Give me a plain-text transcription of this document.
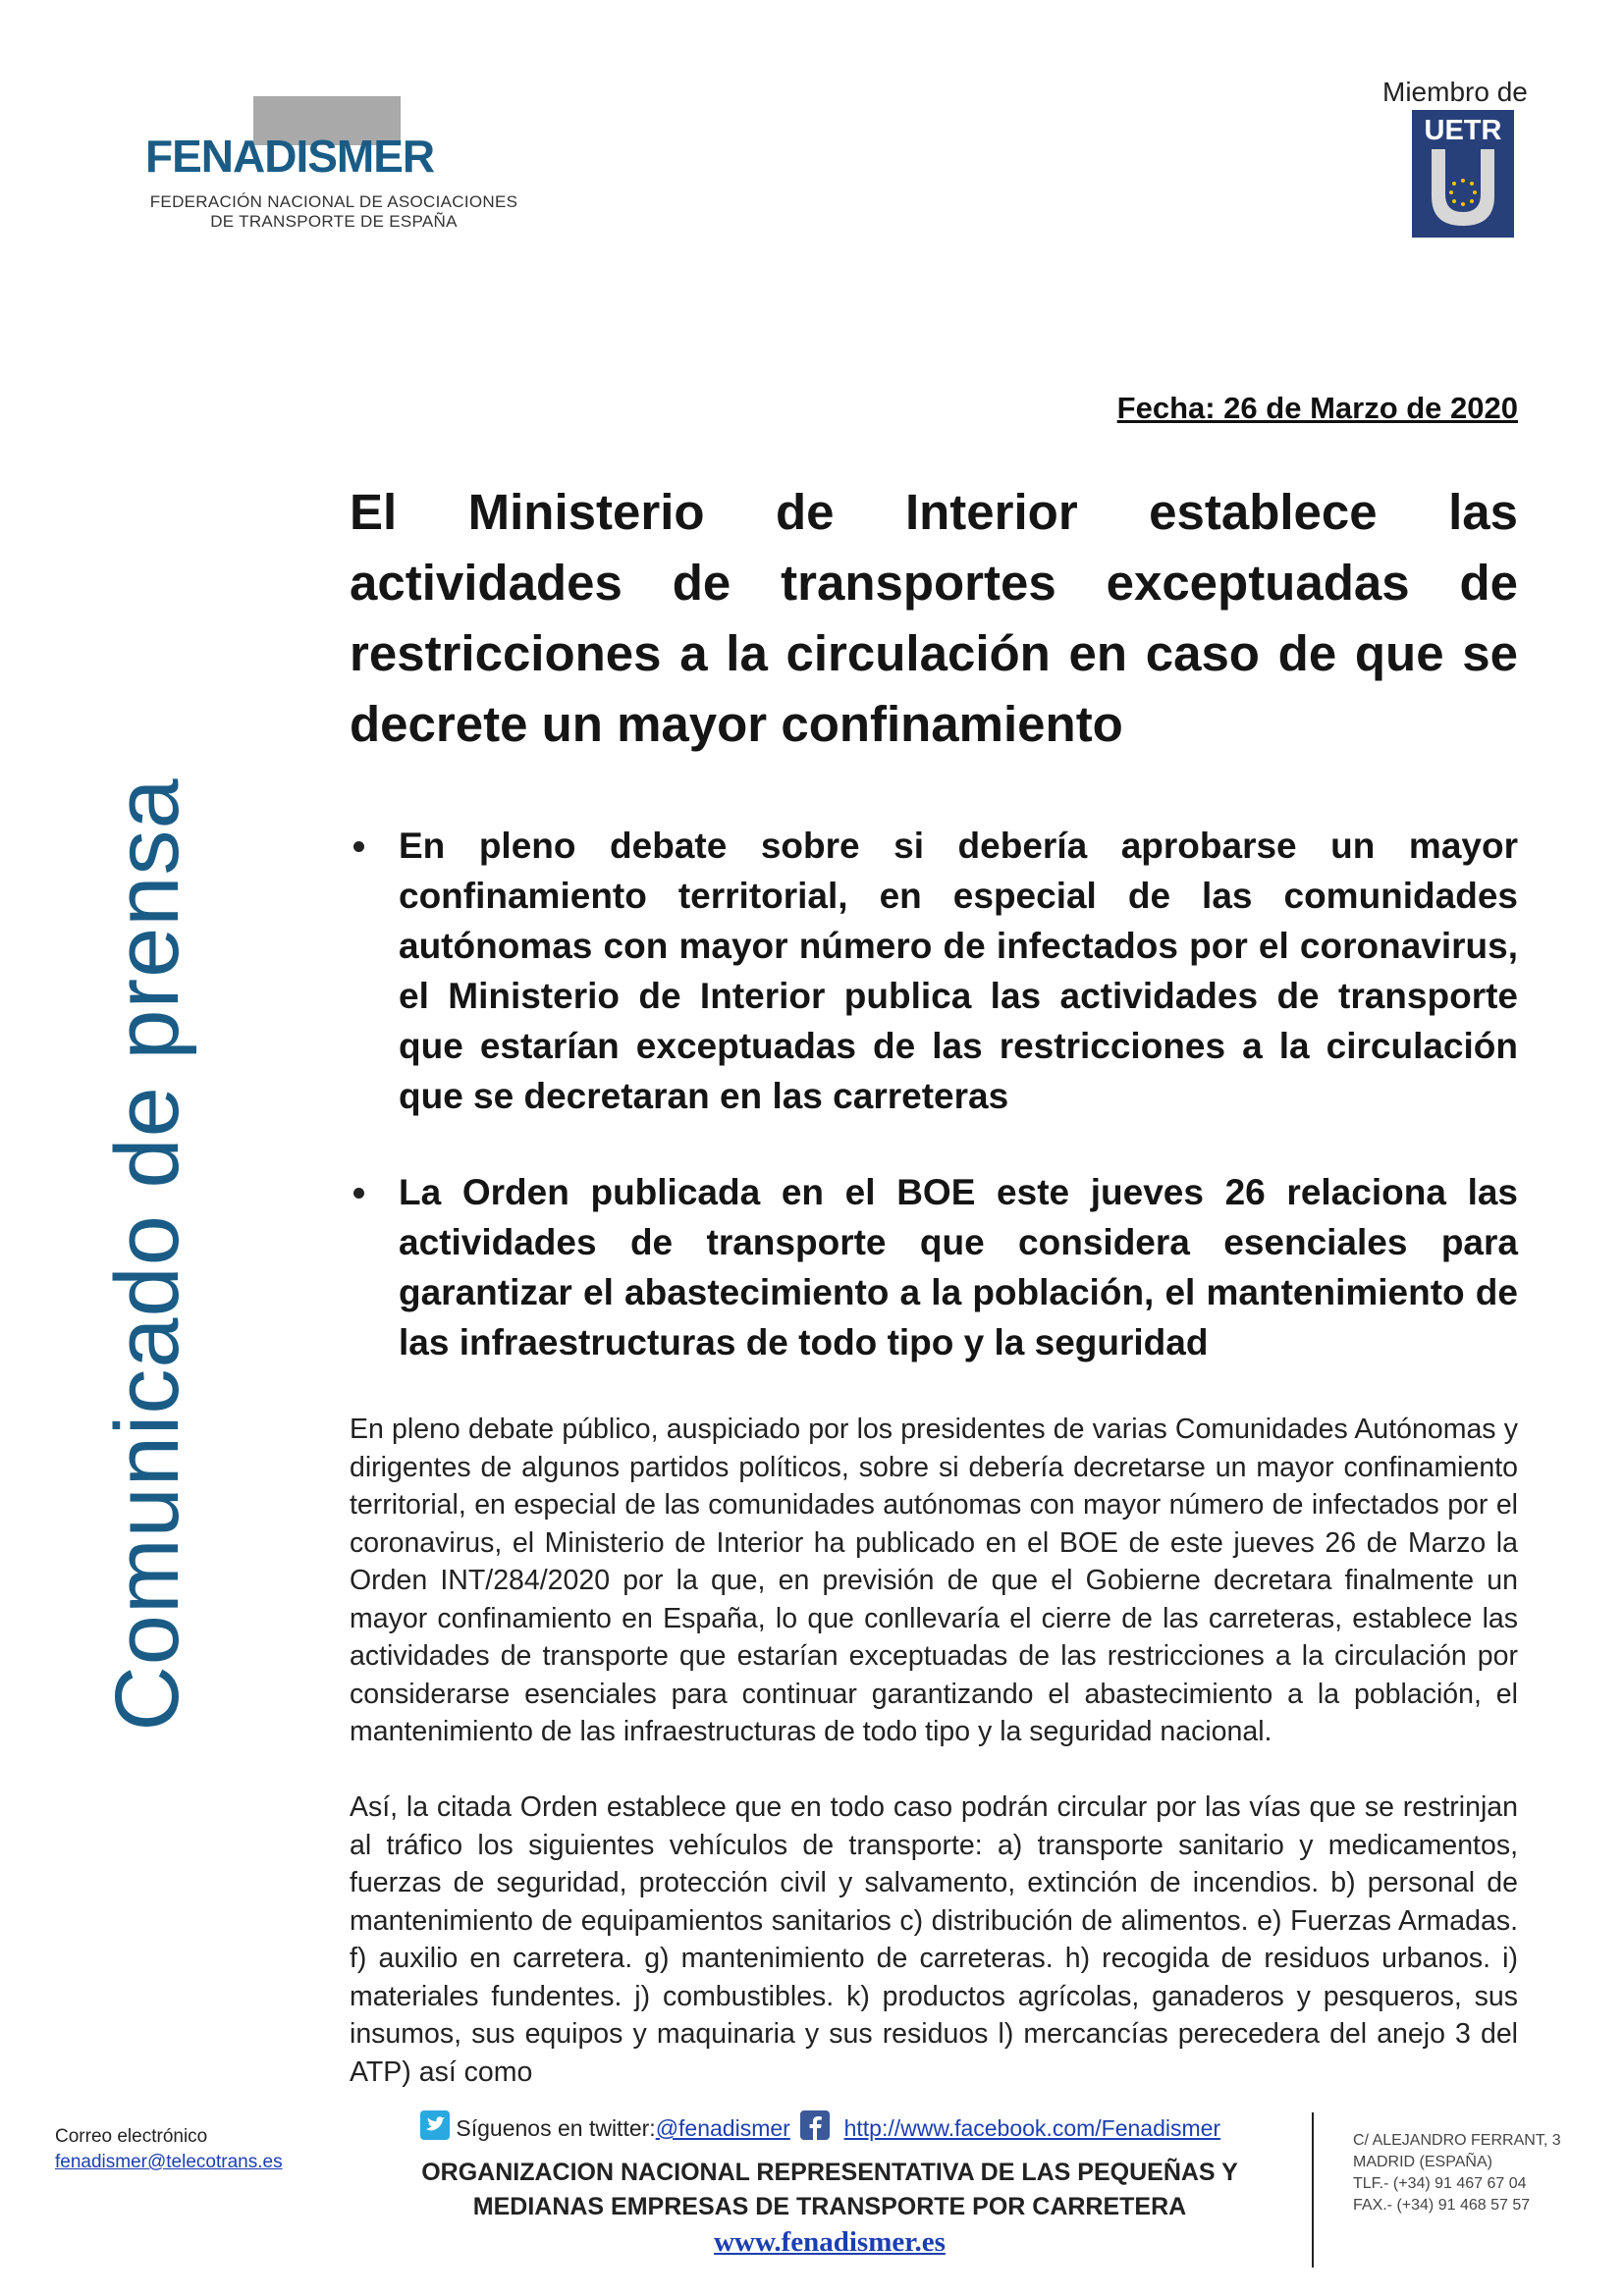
FENADISMER
FEDERACIÓN NACIONAL DE ASOCIACIONES
DE TRANSPORTE DE ESPAÑA
Miembro de
UETR
Comunicado de prensa
Fecha: 26 de Marzo de 2020
El Ministerio de Interior establece las actividades de transportes exceptuadas de restricciones a la circulación en caso de que se decrete un mayor confinamiento
En pleno debate sobre si debería aprobarse un mayor confinamiento territorial, en especial de las comunidades autónomas con mayor número de infectados por el coronavirus, el Ministerio de Interior publica las actividades de transporte que estarían exceptuadas de las restricciones a la circulación que se decretaran en las carreteras
La Orden publicada en el BOE este jueves 26 relaciona las actividades de transporte que considera esenciales para garantizar el abastecimiento a la población, el mantenimiento de las infraestructuras de todo tipo y la seguridad

En pleno debate público, auspiciado por los presidentes de varias Comunidades Autónomas y dirigentes de algunos partidos políticos, sobre si debería decretarse un mayor confinamiento territorial, en especial de las comunidades autónomas con mayor número de infectados por el coronavirus, el Ministerio de Interior ha publicado en el BOE de este jueves 26 de Marzo la Orden INT/284/2020 por la que, en previsión de que el Gobierne decretara finalmente un mayor confinamiento en España, lo que conllevaría el cierre de las carreteras, establece las actividades de transporte que estarían exceptuadas de las restricciones a la circulación por considerarse esenciales para continuar garantizando el abastecimiento a la población, el mantenimiento de las infraestructuras de todo tipo y la seguridad nacional.

Así, la citada Orden establece que en todo caso podrán circular por las vías que se restrinjan al tráfico los siguientes vehículos de transporte: a) transporte sanitario y medicamentos, fuerzas de seguridad, protección civil y salvamento, extinción de incendios. b) personal de mantenimiento de equipamientos sanitarios c) distribución de alimentos. e) Fuerzas Armadas. f) auxilio en carretera. g) mantenimiento de carreteras. h) recogida de residuos urbanos. i) materiales fundentes. j) combustibles. k) productos agrícolas, ganaderos y pesqueros, sus insumos, sus equipos y maquinaria y sus residuos l) mercancías perecedera del anejo 3 del ATP) así como

Correo electrónico
fenadismer@telecotrans.es
Síguenos en twitter:@fenadismer http://www.facebook.com/Fenadismer
ORGANIZACION NACIONAL REPRESENTATIVA DE LAS PEQUEÑAS Y
MEDIANAS EMPRESAS DE TRANSPORTE POR CARRETERA
www.fenadismer.es
C/ ALEJANDRO FERRANT, 3
MADRID (ESPAÑA)
TLF.- (+34) 91 467 67 04
FAX.- (+34) 91 468 57 57
